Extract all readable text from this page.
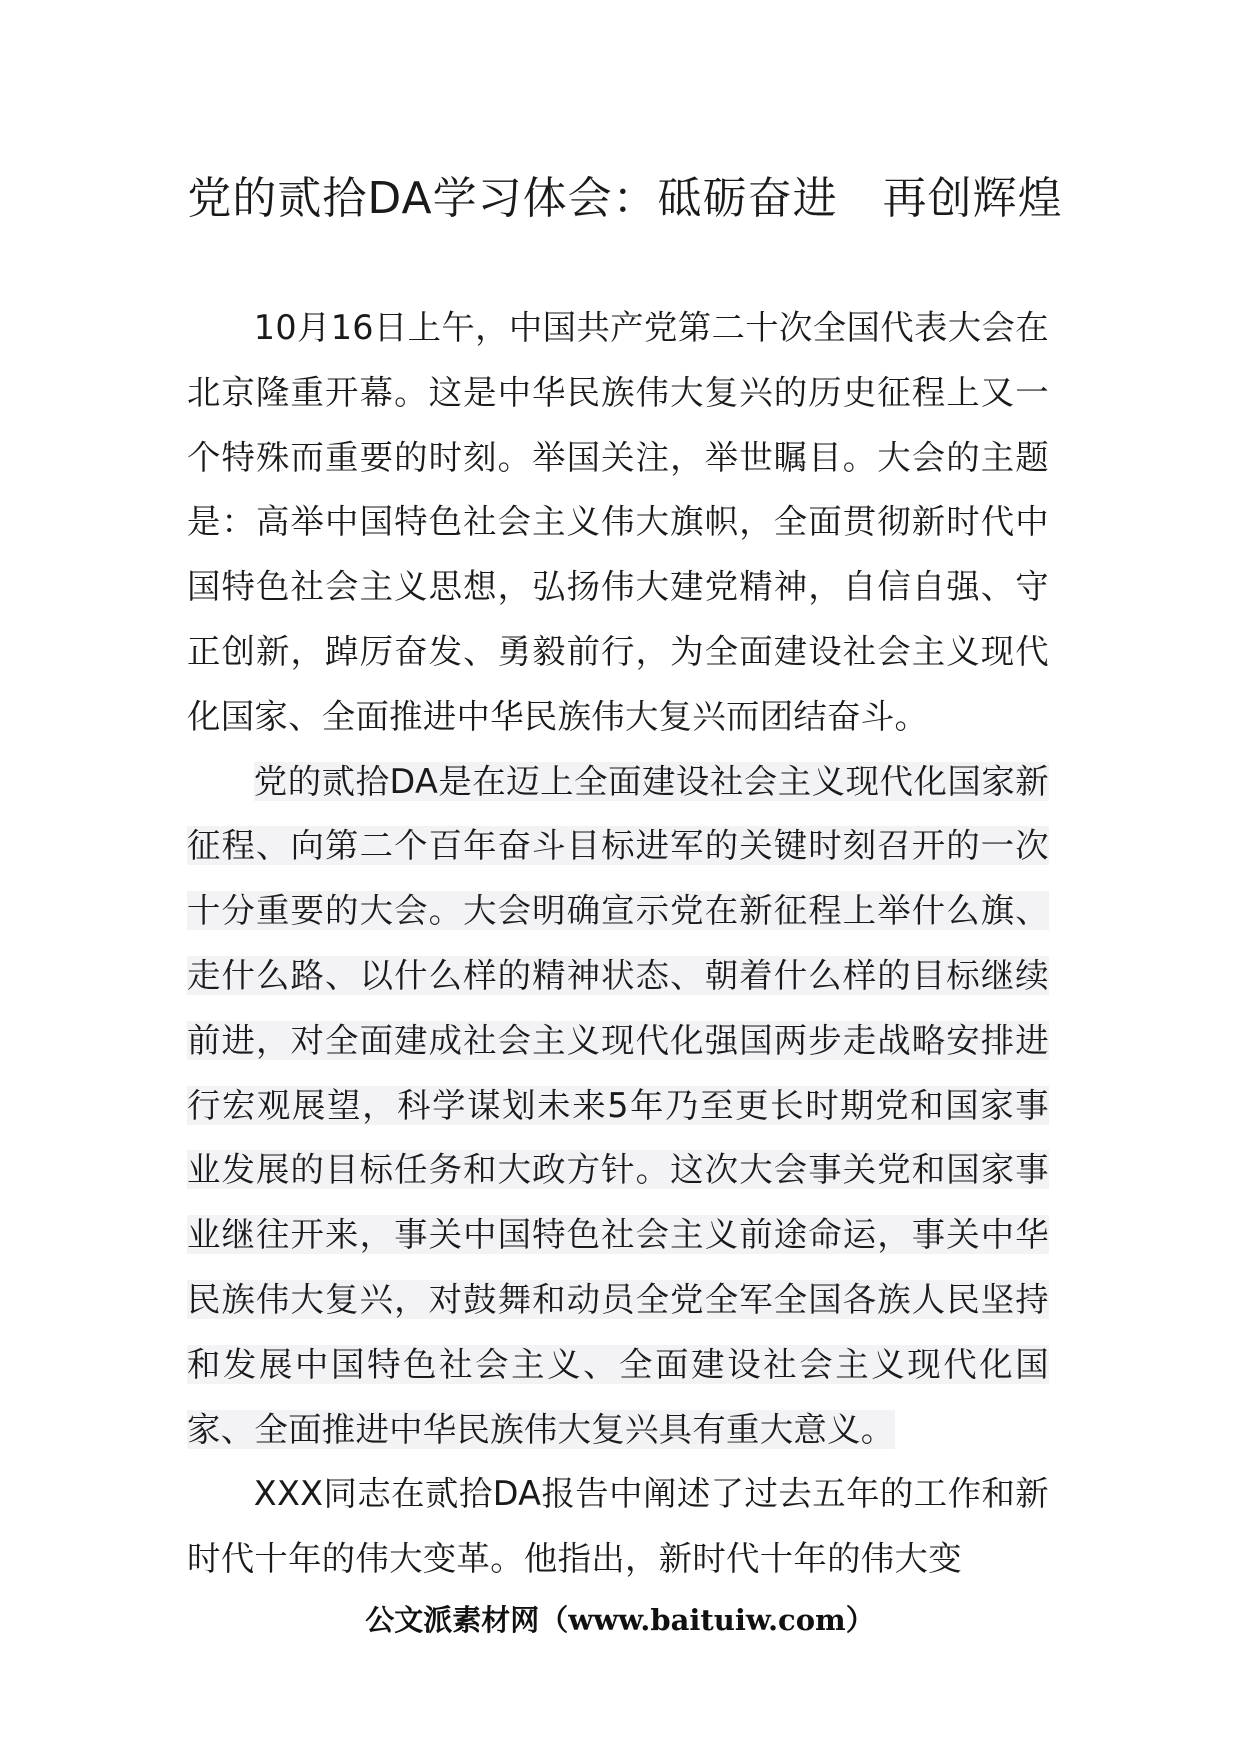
党的贰拾DA学习体会：砥砺奋进　再创辉煌

10月16日上午，中国共产党第二十次全国代表大会在北京隆重开幕。这是中华民族伟大复兴的历史征程上又一个特殊而重要的时刻。举国关注，举世瞩目。大会的主题是：高举中国特色社会主义伟大旗帜，全面贯彻新时代中国特色社会主义思想，弘扬伟大建党精神，自信自强、守正创新，踔厉奋发、勇毅前行，为全面建设社会主义现代化国家、全面推进中华民族伟大复兴而团结奋斗。

党的贰拾DA是在迈上全面建设社会主义现代化国家新征程、向第二个百年奋斗目标进军的关键时刻召开的一次十分重要的大会。大会明确宣示党在新征程上举什么旗、走什么路、以什么样的精神状态、朝着什么样的目标继续前进，对全面建成社会主义现代化强国两步走战略安排进行宏观展望，科学谋划未来5年乃至更长时期党和国家事业发展的目标任务和大政方针。这次大会事关党和国家事业继往开来，事关中国特色社会主义前途命运，事关中华民族伟大复兴，对鼓舞和动员全党全军全国各族人民坚持和发展中国特色社会主义、全面建设社会主义现代化国家、全面推进中华民族伟大复兴具有重大意义。

XXX同志在贰拾DA报告中阐述了过去五年的工作和新时代十年的伟大变革。他指出，新时代十年的伟大变

公文派素材网（www.baituiw.com）
